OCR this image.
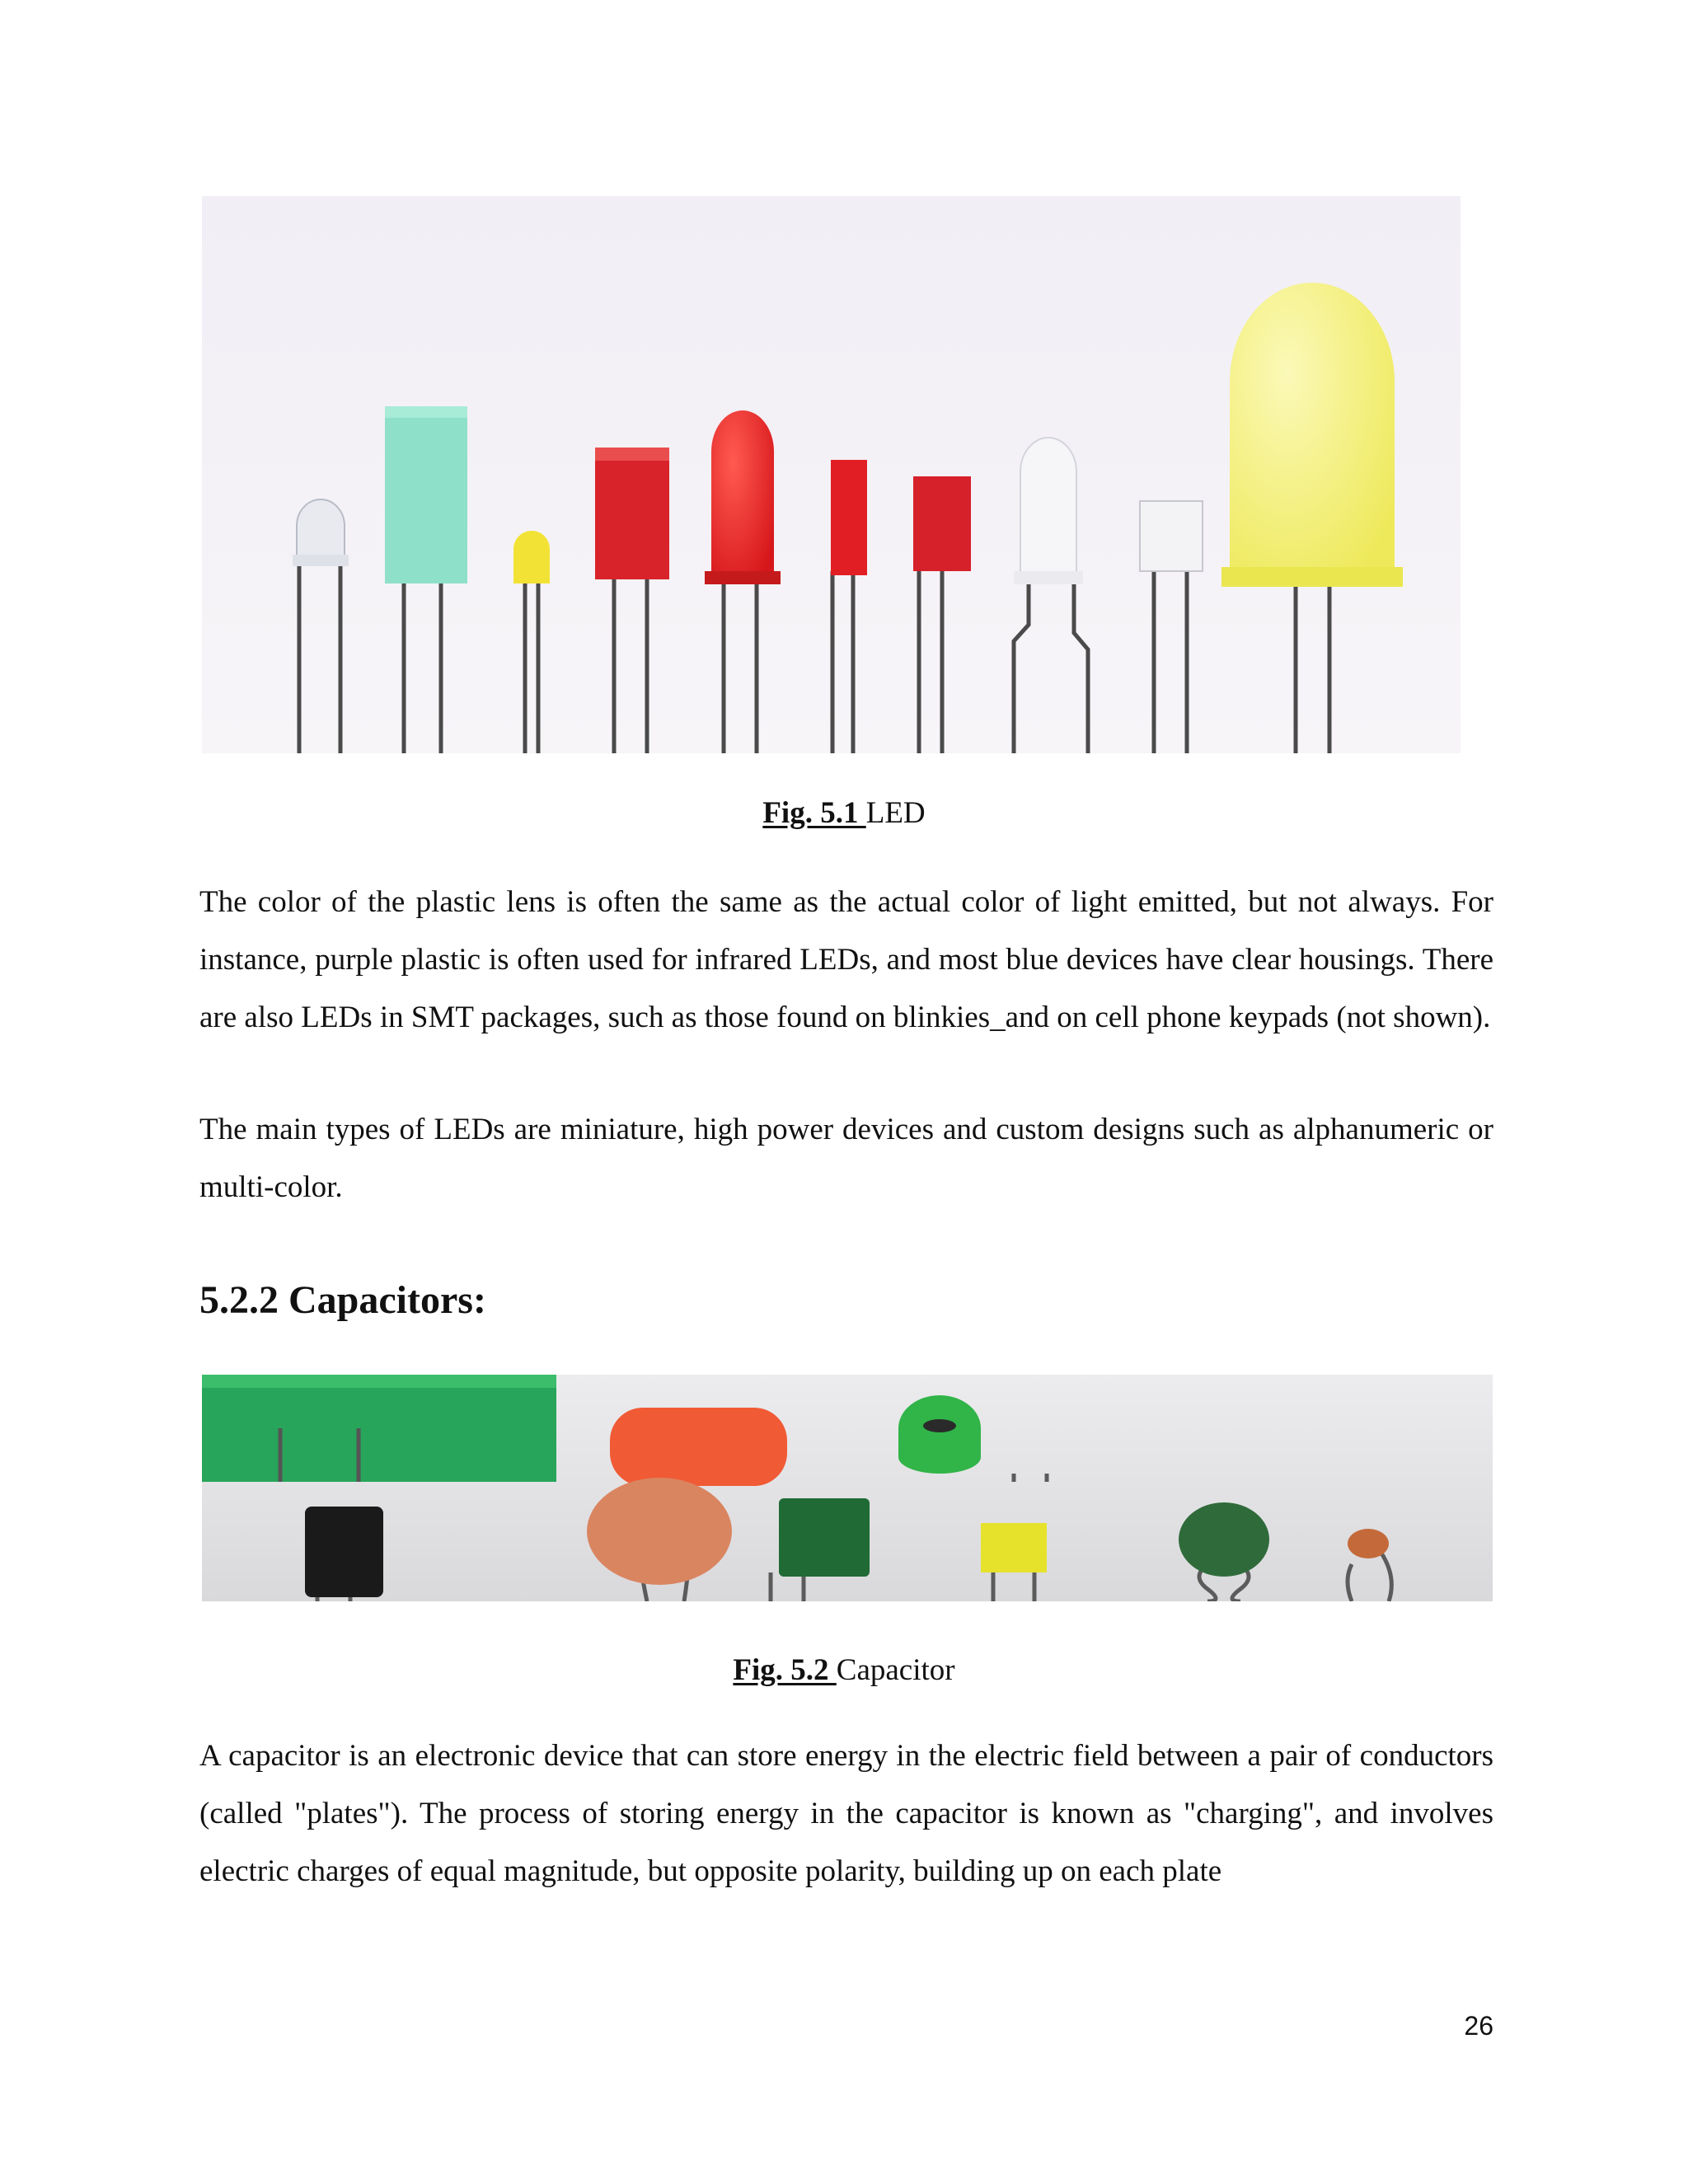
Fig. 5.1 LED

The color of the plastic lens is often the same as the actual color of light emitted, but not always. For instance, purple plastic is often used for infrared LEDs, and most blue devices have clear housings. There are also LEDs in SMT packages, such as those found on blinkies_and on cell phone keypads (not shown).

The main types of LEDs are miniature, high power devices and custom designs such as alphanumeric or multi-color.

5.2.2 Capacitors:
Fig. 5.2 Capacitor

A capacitor is an electronic device that can store energy in the electric field between a pair of conductors (called "plates"). The process of storing energy in the capacitor is known as "charging", and involves electric charges of equal magnitude, but opposite polarity, building up on each plate

26
